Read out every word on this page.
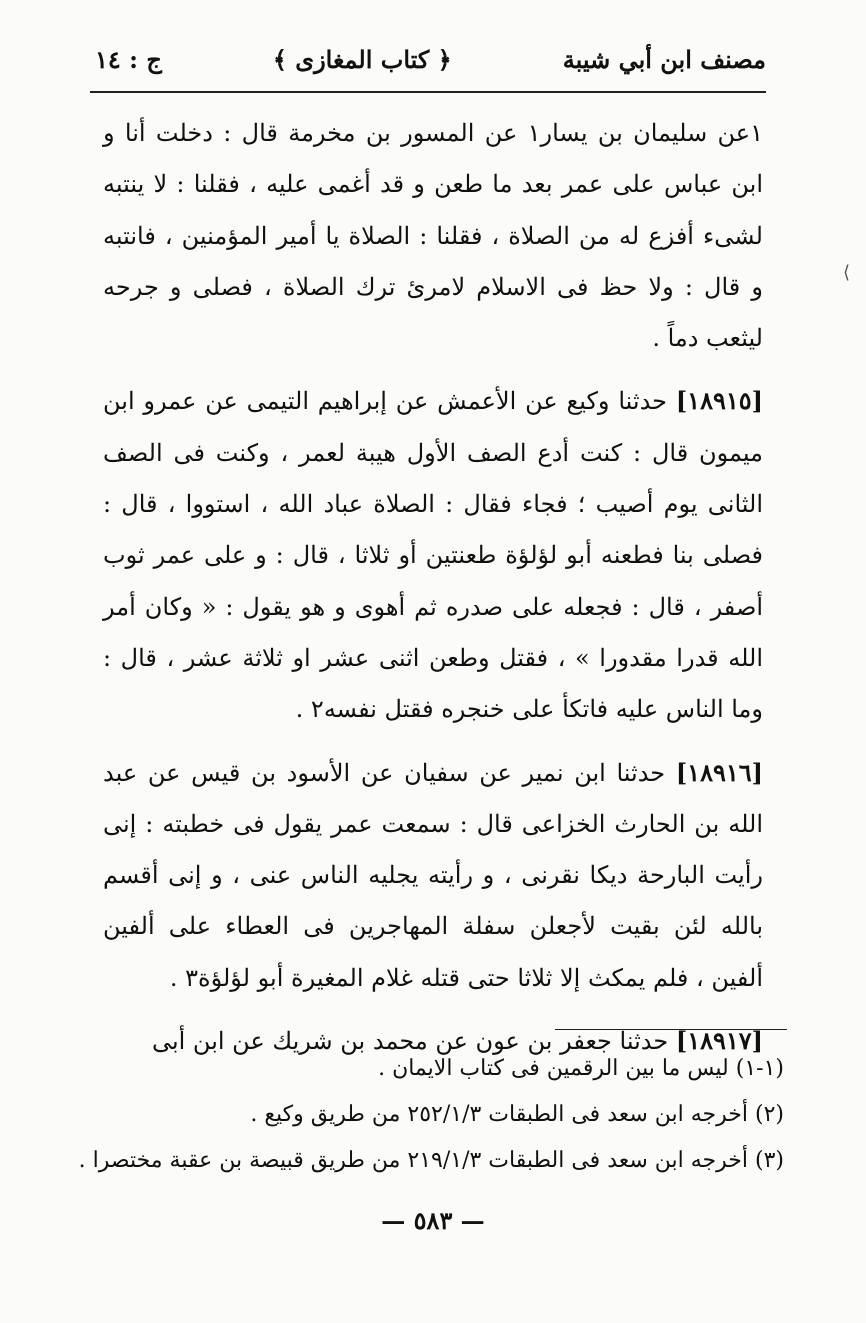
مصنف ابن أبي شيبة
﴿ كتاب المغازى ﴾
ج : ١٤
⟨

١عن سليمان بن يسار١ عن المسور بن مخرمة قال : دخلت أنا و ابن عباس على عمر بعد ما طعن و قد أغمى عليه ، فقلنا : لا ينتبه لشىء أفزع له من الصلاة ، فقلنا : الصلاة يا أمير المؤمنين ، فانتبه و قال : ولا حظ فى الاسلام لامرئ ترك الصلاة ، فصلى و جرحه ليثعب دماً .

[١٨٩١٥] حدثنا وكيع عن الأعمش عن إبراهيم التيمى عن عمرو ابن ميمون قال : كنت أدع الصف الأول هيبة لعمر ، وكنت فى الصف الثانى يوم أصيب ؛ فجاء فقال : الصلاة عباد الله ، استووا ، قال : فصلى بنا فطعنه أبو لؤلؤة طعنتين أو ثلاثا ، قال : و على عمر ثوب أصفر ، قال : فجعله على صدره ثم أهوى و هو يقول : « وكان أمر الله قدرا مقدورا » ، فقتل وطعن اثنى عشر او ثلاثة عشر ، قال : وما الناس عليه فاتكأ على خنجره فقتل نفسه٢ .

[١٨٩١٦] حدثنا ابن نمير عن سفيان عن الأسود بن قيس عن عبد الله بن الحارث الخزاعى قال : سمعت عمر يقول فى خطبته : إنى رأيت البارحة ديكا نقرنى ، و رأيته يجليه الناس عنى ، و إنى أقسم بالله لئن بقيت لأجعلن سفلة المهاجرين فى العطاء على ألفين ألفين ، فلم يمكث إلا ثلاثا حتى قتله غلام المغيرة أبو لؤلؤة٣ .

[١٨٩١٧] حدثنا جعفر بن عون عن محمد بن شريك عن ابن أبى

(١-١) ليس ما بين الرقمين فى كتاب الايمان .

(٢) أخرجه ابن سعد فى الطبقات ٢٥٢/١/٣ من طريق وكيع .

(٣) أخرجه ابن سعد فى الطبقات ٢١٩/١/٣ من طريق قبيصة بن عقبة مختصرا .

— ٥٨٣ —
